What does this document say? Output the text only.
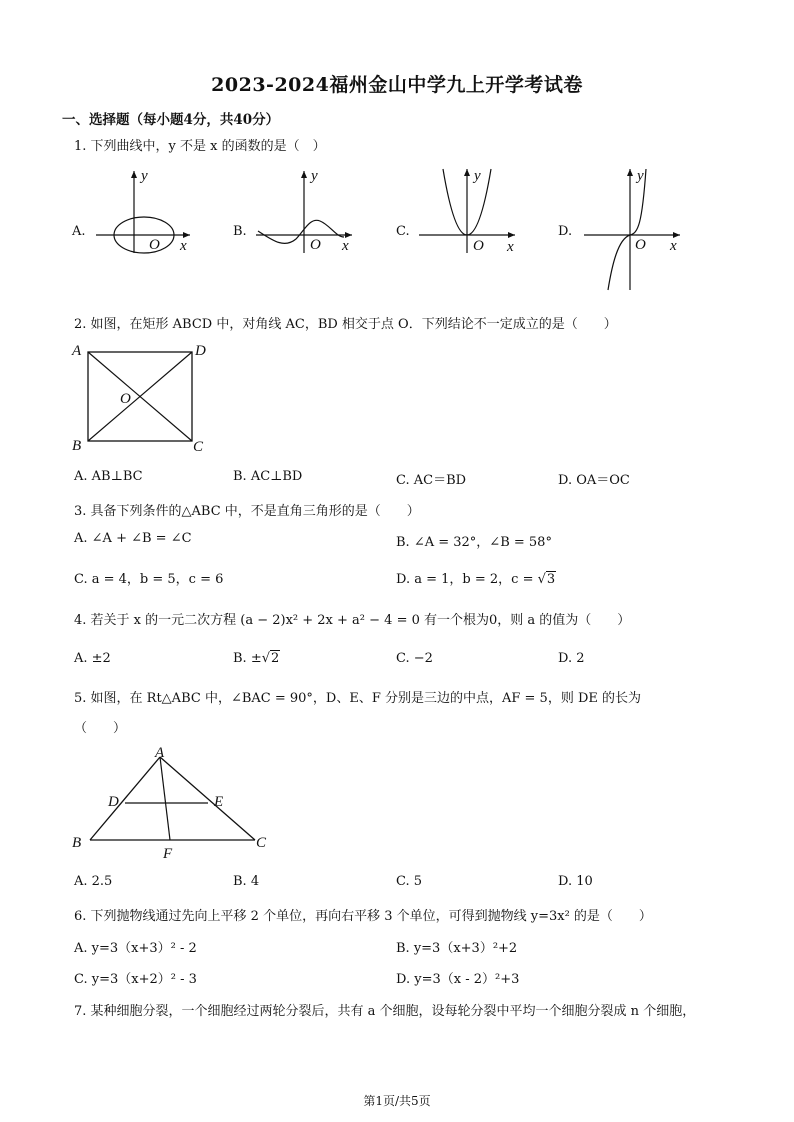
2023-2024福州金山中学九上开学考试卷
一、选择题（每小题4分，共40分）
1. 下列曲线中，y 不是 x 的函数的是（　）
A.
y
x
O
B.
y
x
O
C.
y
x
O
D.
y
x
O
2. 如图，在矩形 ABCD 中，对角线 AC，BD 相交于点 O．下列结论不一定成立的是（　　）
A	D
B	C
O
A. AB⊥BC	B. AC⊥BD	C. AC＝BD	D. OA＝OC
3. 具备下列条件的△ABC 中，不是直角三角形的是（　　）
A. ∠A + ∠B = ∠C	B. ∠A = 32°，∠B = 58°
C. a = 4，b = 5，c = 6	D. a = 1，b = 2，c = √3
4. 若关于 x 的一元二次方程 (a − 2)x² + 2x + a² − 4 = 0 有一个根为0，则 a 的值为（　　）
A. ±2	B. ±√2	C. −2	D. 2
5. 如图，在 Rt△ABC 中，∠BAC = 90°，D、E、F 分别是三边的中点，AF = 5，则 DE 的长为
（　　）
A
D	E
B	C
F
A. 2.5	B. 4	C. 5	D. 10
6. 下列抛物线通过先向上平移 2 个单位，再向右平移 3 个单位，可得到抛物线 y=3x² 的是（　　）
A. y=3（x+3）² - 2	B. y=3（x+3）²+2
C. y=3（x+2）² - 3	D. y=3（x - 2）²+3
7. 某种细胞分裂，一个细胞经过两轮分裂后，共有 a 个细胞，设每轮分裂中平均一个细胞分裂成 n 个细胞，
第1页/共5页
